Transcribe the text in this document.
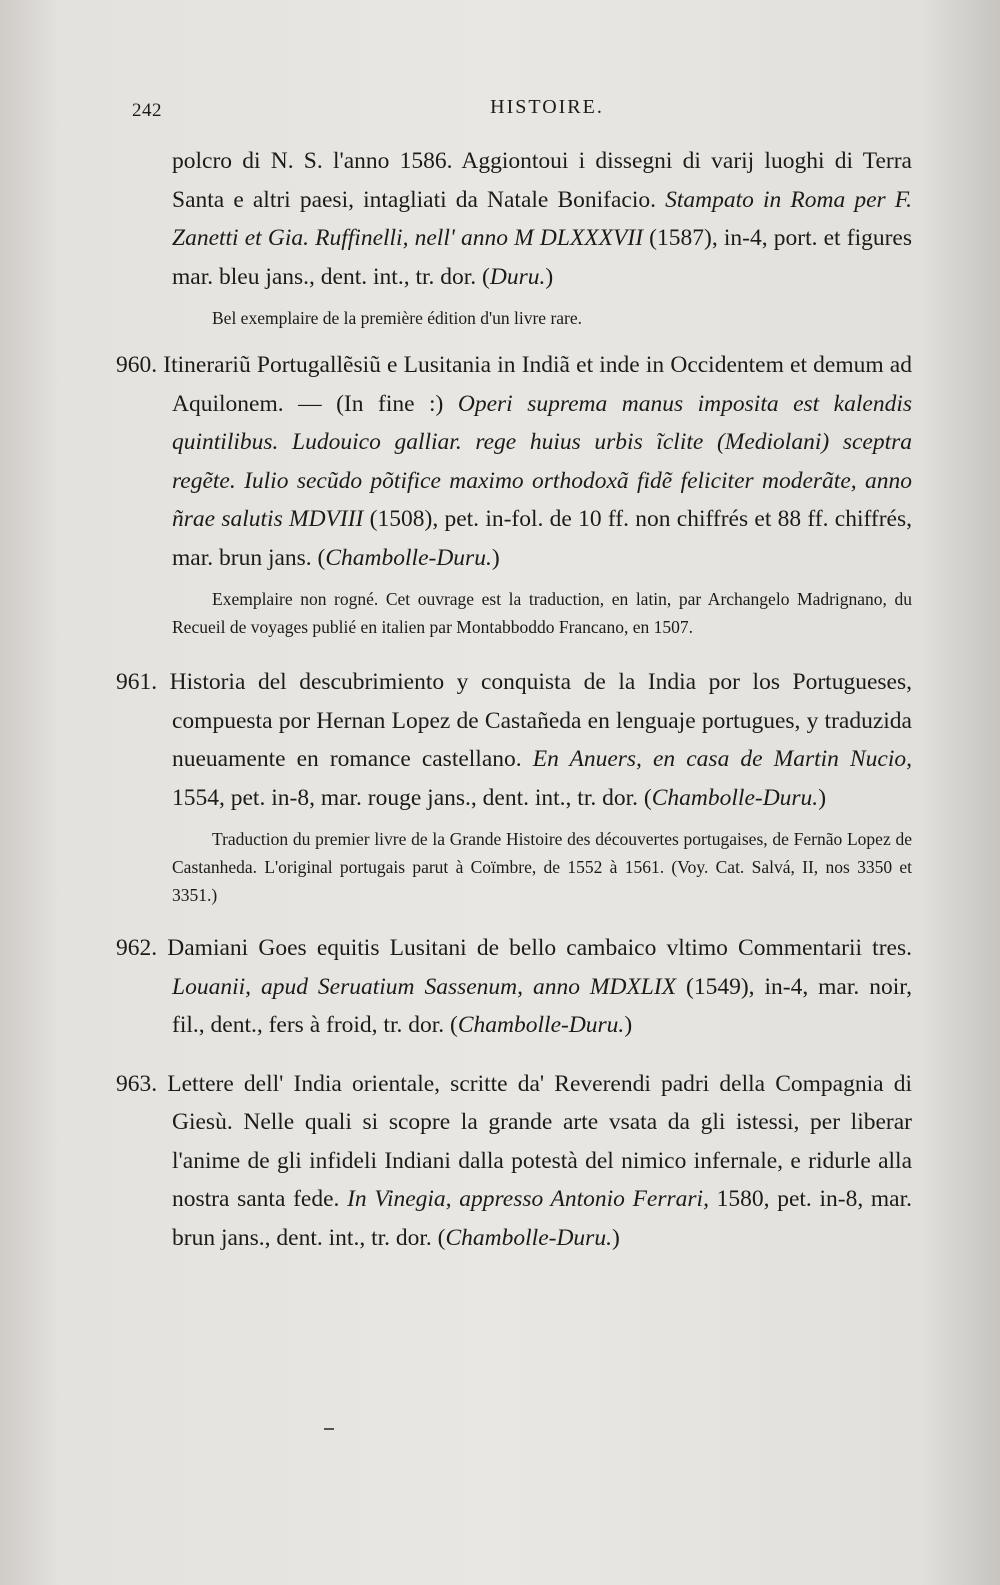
242	HISTOIRE.

polcro di N. S. l'anno 1586. Aggiontoui i dissegni di varij luoghi di Terra Santa e altri paesi, intagliati da Natale Bonifacio. Stampato in Roma per F. Zanetti et Gia. Ruffinelli, nell' anno M DLXXXVII (1587), in-4, port. et figures mar. bleu jans., dent. int., tr. dor. (Duru.)

Bel exemplaire de la première édition d'un livre rare.

960. Itinerariũ Portugallẽsiũ e Lusitania in Indiã et inde in Occidentem et demum ad Aquilonem. — (In fine :) Operi suprema manus imposita est kalendis quintilibus. Ludouico galliar. rege huius urbis ĩclite (Mediolani) sceptra regẽte. Iulio secũdo põtifice maximo orthodoxã fidẽ feliciter moderãte, anno ñrae salutis MDVIII (1508), pet. in-fol. de 10 ff. non chiffrés et 88 ff. chiffrés, mar. brun jans. (Chambolle-Duru.)

Exemplaire non rogné. Cet ouvrage est la traduction, en latin, par Archangelo Madrignano, du Recueil de voyages publié en italien par Montabboddo Francano, en 1507.

961. Historia del descubrimiento y conquista de la India por los Portugueses, compuesta por Hernan Lopez de Castañeda en lenguaje portugues, y traduzida nueuamente en romance castellano. En Anuers, en casa de Martin Nucio, 1554, pet. in-8, mar. rouge jans., dent. int., tr. dor. (Chambolle-Duru.)

Traduction du premier livre de la Grande Histoire des découvertes portugaises, de Fernão Lopez de Castanheda. L'original portugais parut à Coïmbre, de 1552 à 1561. (Voy. Cat. Salvá, II, nos 3350 et 3351.)

962. Damiani Goes equitis Lusitani de bello cambaico vltimo Commentarii tres. Louanii, apud Seruatium Sassenum, anno MDXLIX (1549), in-4, mar. noir, fil., dent., fers à froid, tr. dor. (Chambolle-Duru.)

963. Lettere dell' India orientale, scritte da' Reverendi padri della Compagnia di Giesù. Nelle quali si scopre la grande arte vsata da gli istessi, per liberar l'anime de gli infideli Indiani dalla potestà del nimico infernale, e ridurle alla nostra santa fede. In Vinegia, appresso Antonio Ferrari, 1580, pet. in-8, mar. brun jans., dent. int., tr. dor. (Chambolle-Duru.)
